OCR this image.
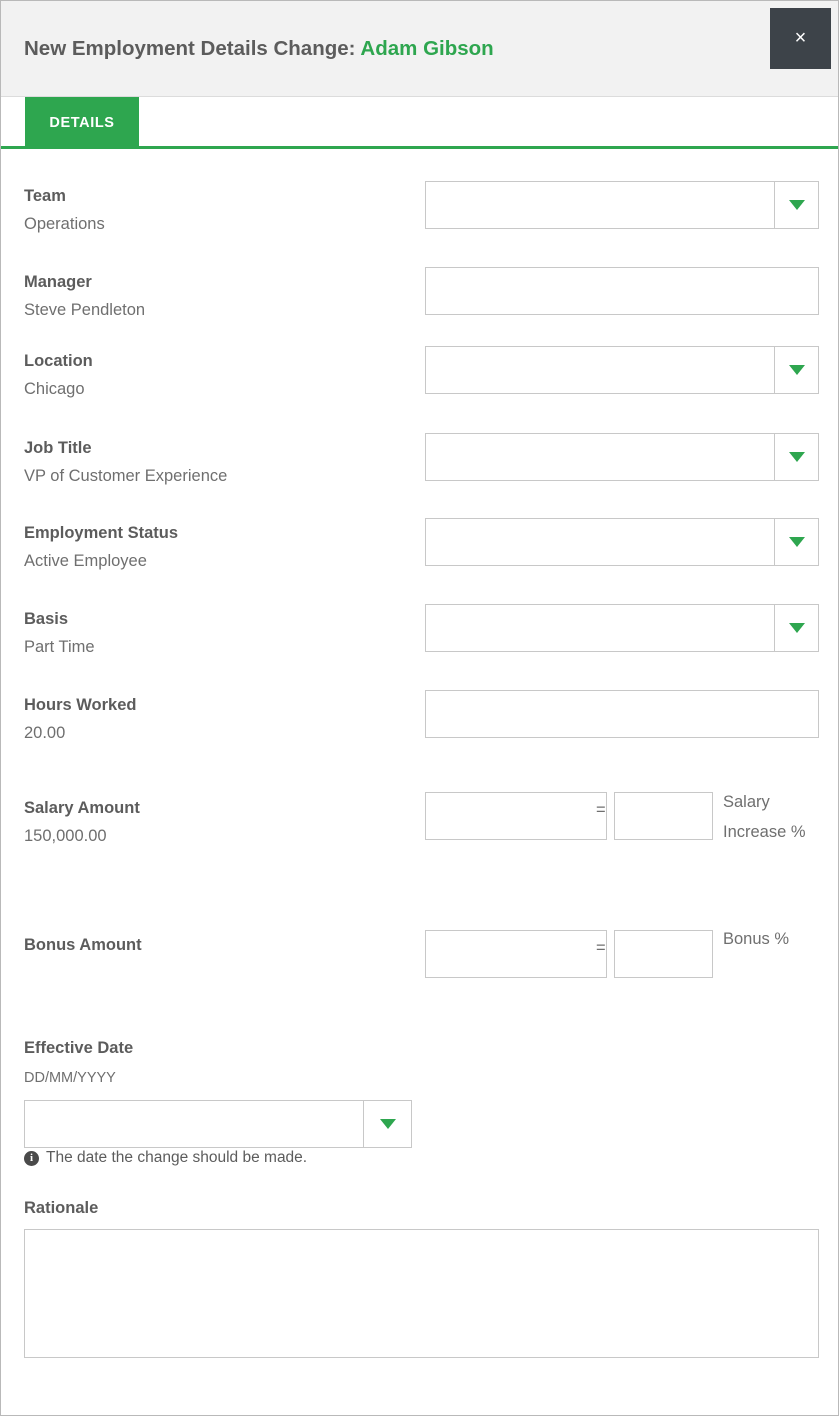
New Employment Details Change: Adam Gibson	×
DETAILS
Team
Operations
Manager
Steve Pendleton
Location
Chicago
Job Title
VP of Customer Experience
Employment Status
Active Employee
Basis
Part Time
Hours Worked
20.00
Salary Amount
150,000.00
=	Salary Increase %
Bonus Amount	=	Bonus %
Effective Date
DD/MM/YYYY
i The date the change should be made.
Rationale
